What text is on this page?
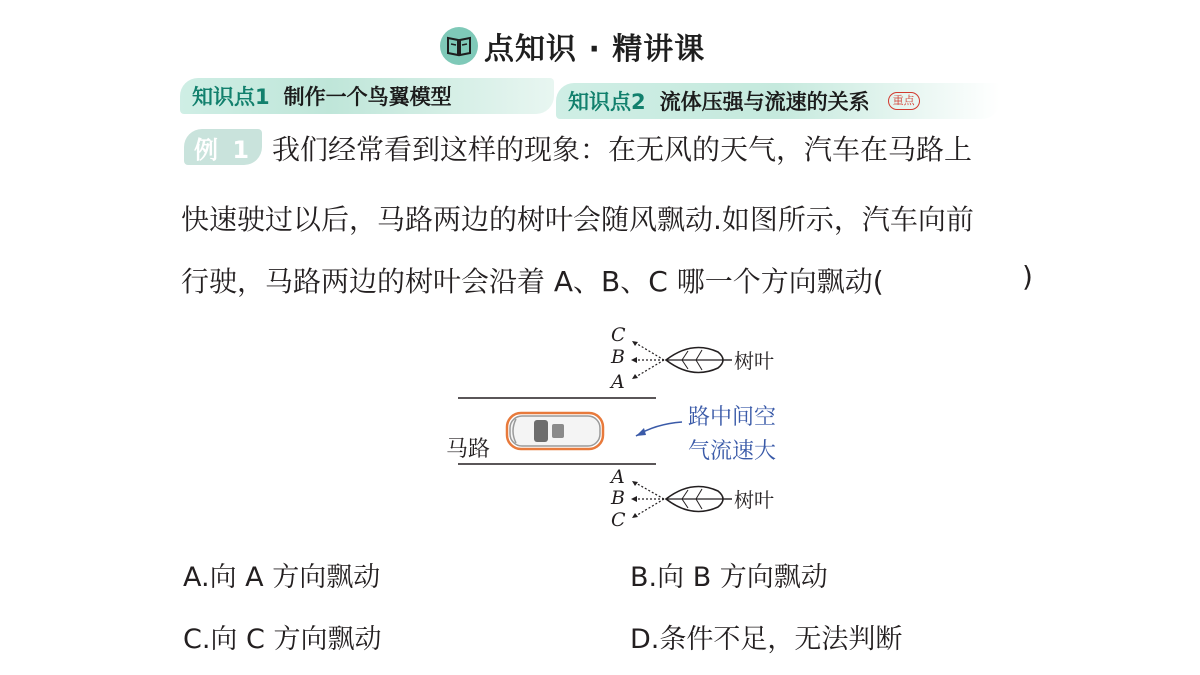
点知识 · 精讲课
知识点1 制作一个鸟翼模型	知识点2 流体压强与流速的关系	重点
例 1 我们经常看到这样的现象：在无风的天气，汽车在马路上
快速驶过以后，马路两边的树叶会随风飘动.如图所示，汽车向前
行驶，马路两边的树叶会沿着 A、B、C 哪一个方向飘动(	)
马路
C
B
A
树叶
A
B
C
树叶
路中间空
气流速大
A.向 A 方向飘动	B.向 B 方向飘动
C.向 C 方向飘动	D.条件不足，无法判断
